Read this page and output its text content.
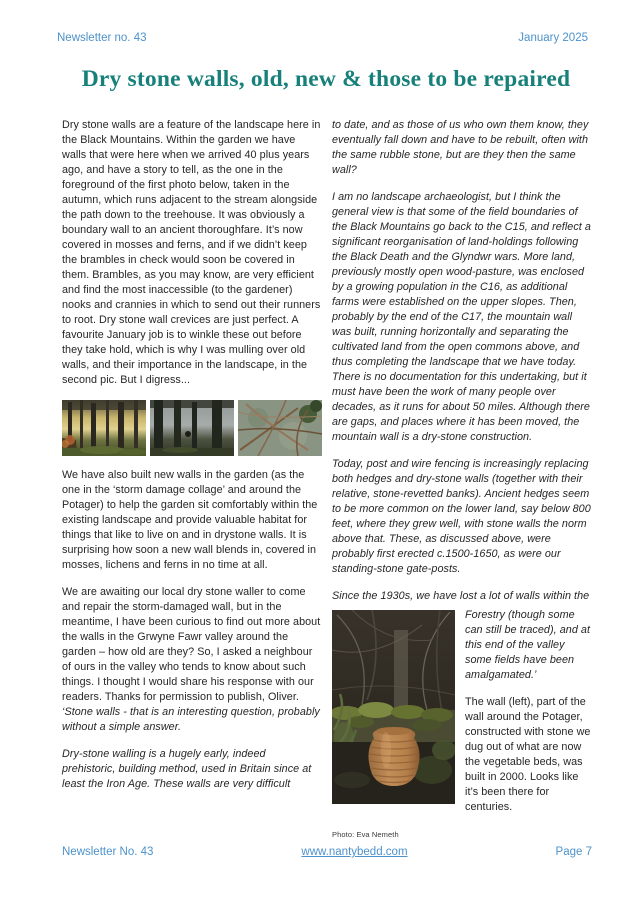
Newsletter no. 43	January 2025
Dry stone walls, old, new & those to be repaired

Dry stone walls are a feature of the landscape here in the Black Mountains. Within the garden we have walls that were here when we arrived 40 plus years ago, and have a story to tell, as the one in the foreground of the first photo below, taken in the autumn, which runs adjacent to the stream alongside the path down to the treehouse. It was obviously a boundary wall to an ancient thoroughfare. It’s now covered in mosses and ferns, and if we didn’t keep the brambles in check would soon be covered in them. Brambles, as you may know, are very efficient and find the most inaccessible (to the gardener) nooks and crannies in which to send out their runners to root. Dry stone wall crevices are just perfect. A favourite January job is to winkle these out before they take hold, which is why I was mulling over old walls, and their importance in the landscape, in the second pic. But I digress...

We have also built new walls in the garden (as the one in the ‘storm damage collage’ and around the Potager) to help the garden sit comfortably within the existing landscape and provide valuable habitat for things that like to live on and in drystone walls. It is surprising how soon a new wall blends in, covered in mosses, lichens and ferns in no time at all.

We are awaiting our local dry stone waller to come and repair the storm-damaged wall, but in the meantime, I have been curious to find out more about the walls in the Grwyne Fawr valley around the garden – how old are they? So, I asked a neighbour of ours in the valley who tends to know about such things. I thought I would share his response with our readers. Thanks for permission to publish, Oliver. ‘Stone walls - that is an interesting question, probably without a simple answer.

Dry-stone walling is a hugely early, indeed prehistoric, building method, used in Britain since at least the Iron Age. These walls are very difficult

to date, and as those of us who own them know, they eventually fall down and have to be rebuilt, often with the same rubble stone, but are they then the same wall?

I am no landscape archaeologist, but I think the general view is that some of the field boundaries of the Black Mountains go back to the C15, and reflect a significant reorganisation of land-holdings following the Black Death and the Glyndwr wars. More land, previously mostly open wood-pasture, was enclosed by a growing population in the C16, as additional farms were established on the upper slopes. Then, probably by the end of the C17, the mountain wall was built, running horizontally and separating the cultivated land from the open commons above, and thus completing the landscape that we have today. There is no documentation for this undertaking, but it must have been the work of many people over decades, as it runs for about 50 miles. Although there are gaps, and places where it has been moved, the mountain wall is a dry-stone construction.

Today, post and wire fencing is increasingly replacing both hedges and dry-stone walls (together with their relative, stone-revetted banks). Ancient hedges seem to be more common on the lower land, say below 800 feet, where they grew well, with stone walls the norm above that. These, as discussed above, were probably first erected c.1500-1650, as were our standing-stone gate-posts.

Since the 1930s, we have lost a lot of walls within the

Forestry (though some can still be traced), and at this end of the valley some fields have been amalgamated.’

The wall (left), part of the wall around the Potager, constructed with stone we dug out of what are now the vegetable beds, was built in 2000. Looks like it’s been there for centuries.

Photo: Eva Nemeth
Newsletter No. 43	www.nantybedd.com	Page 7
